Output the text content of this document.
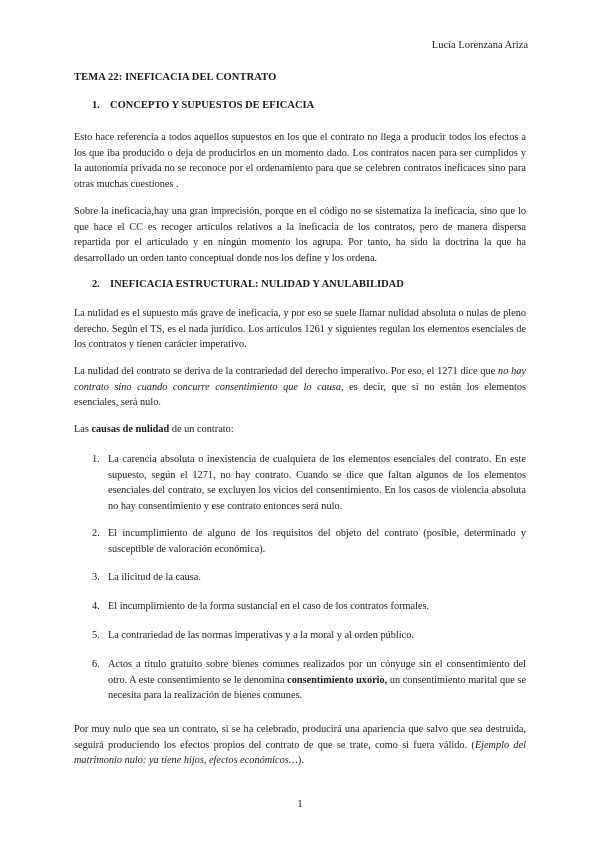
Lucía Lorenzana Ariza
TEMA 22: INEFICACIA DEL CONTRATO
1. CONCEPTO Y SUPUESTOS DE EFICACIA

Esto hace referencia a todos aquellos supuestos en los que el contrato no llega a producir todos los efectos a los que iba producido o deja de producirlos en un momento dado. Los contratos nacen para ser cumplidos y la autonomía privada no se reconoce por el ordenamiento para que se celebren contratos ineficaces sino para otras muchas cuestiones .

Sobre la ineficacia,hay una gran imprecisión, porque en el código no se sistematiza la ineficacia, sino que lo que hace el CC es recoger artículos relativos a la ineficacia de los contratos, pero de manera dispersa repartida por el articulado y en ningún momento los agrupa. Por tanto, ha sido la doctrina la que ha desarrollado un orden tanto conceptual donde nos los define y los ordena.

2. INEFICACIA ESTRUCTURAL: NULIDAD Y ANULABILIDAD

La nulidad es el supuesto más grave de ineficacia, y por eso se suele llamar nulidad absoluta o nulas de pleno derecho. Según el TS, es el nada jurídico. Los artículos 1261 y siguientes regulan los elementos esenciales de los contratos y tienen carácter imperativo.

La nulidad del contrato se deriva de la contrariedad del derecho imperativo. Por eso, el 1271 dice que no hay contrato sino cuando concurre consentimiento que lo causa, es decir, que si no están los elementos esenciales, será nulo.

Las causas de nulidad de un contrato:

1. La carencia absoluta o inexistencia de cualquiera de los elementos esenciales del contrato. En este supuesto, según el 1271, no hay contrato. Cuando se dice que faltan algunos de los elementos esenciales del contrato, se excluyen los vicios del consentimiento. En los casos de violencia absoluta no hay consentimiento y ese contrato entonces será nulo.
2. El incumplimiento de alguno de los requisitos del objeto del contrato (posible, determinado y susceptible de valoración económica).
3. La ilicitud de la causa.
4. El incumplimiento de la forma sustancial en el caso de los contratos formales.
5. La contrariedad de las normas imperativas y a la moral y al orden público.
6. Actos a título gratuito sobre bienes comunes realizados por un cónyuge sin el consentimiento del otro. A este consentimiento se le denomina consentimiento uxorio, un consentimiento marital que se necesita para la realización de bienes comunes.

Por muy nulo que sea un contrato, si se ha celebrado, producirá una apariencia que salvo que sea destruida, seguirá produciendo los efectos propios del contrato de que se trate, como si fuera válido. (Ejemplo del matrimonio nulo: ya tiene hijos, efectos económicos…).

1
